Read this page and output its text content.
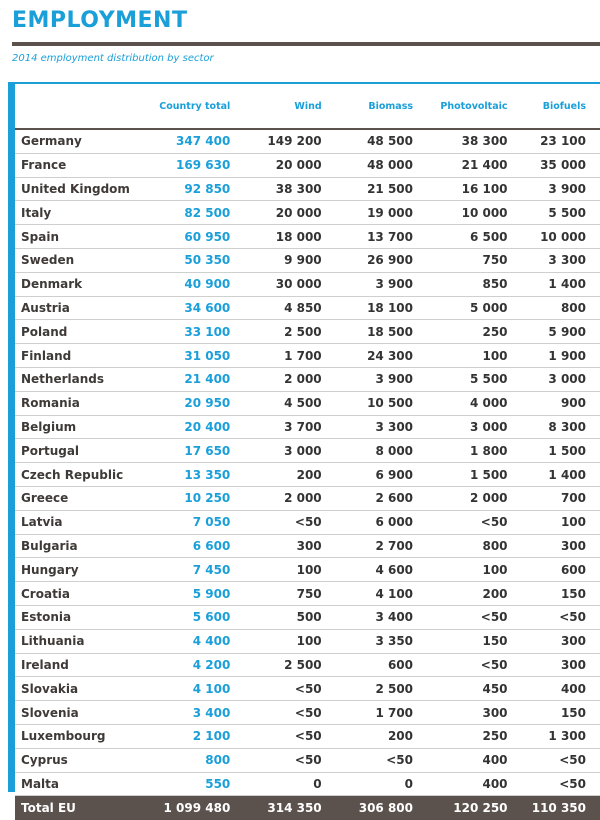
EMPLOYMENT
2014 employment distribution by sector
	Country total	Wind	Biomass	Photovoltaic	Biofuels
Germany	347 400	149 200	48 500	38 300	23 100
France	169 630	20 000	48 000	21 400	35 000
United Kingdom	92 850	38 300	21 500	16 100	3 900
Italy	82 500	20 000	19 000	10 000	5 500
Spain	60 950	18 000	13 700	6 500	10 000
Sweden	50 350	9 900	26 900	750	3 300
Denmark	40 900	30 000	3 900	850	1 400
Austria	34 600	4 850	18 100	5 000	800
Poland	33 100	2 500	18 500	250	5 900
Finland	31 050	1 700	24 300	100	1 900
Netherlands	21 400	2 000	3 900	5 500	3 000
Romania	20 950	4 500	10 500	4 000	900
Belgium	20 400	3 700	3 300	3 000	8 300
Portugal	17 650	3 000	8 000	1 800	1 500
Czech Republic	13 350	200	6 900	1 500	1 400
Greece	10 250	2 000	2 600	2 000	700
Latvia	7 050	<50	6 000	<50	100
Bulgaria	6 600	300	2 700	800	300
Hungary	7 450	100	4 600	100	600
Croatia	5 900	750	4 100	200	150
Estonia	5 600	500	3 400	<50	<50
Lithuania	4 400	100	3 350	150	300
Ireland	4 200	2 500	600	<50	300
Slovakia	4 100	<50	2 500	450	400
Slovenia	3 400	<50	1 700	300	150
Luxembourg	2 100	<50	200	250	1 300
Cyprus	800	<50	<50	400	<50
Malta	550	0	0	400	<50
Total EU	1 099 480	314 350	306 800	120 250	110 350
